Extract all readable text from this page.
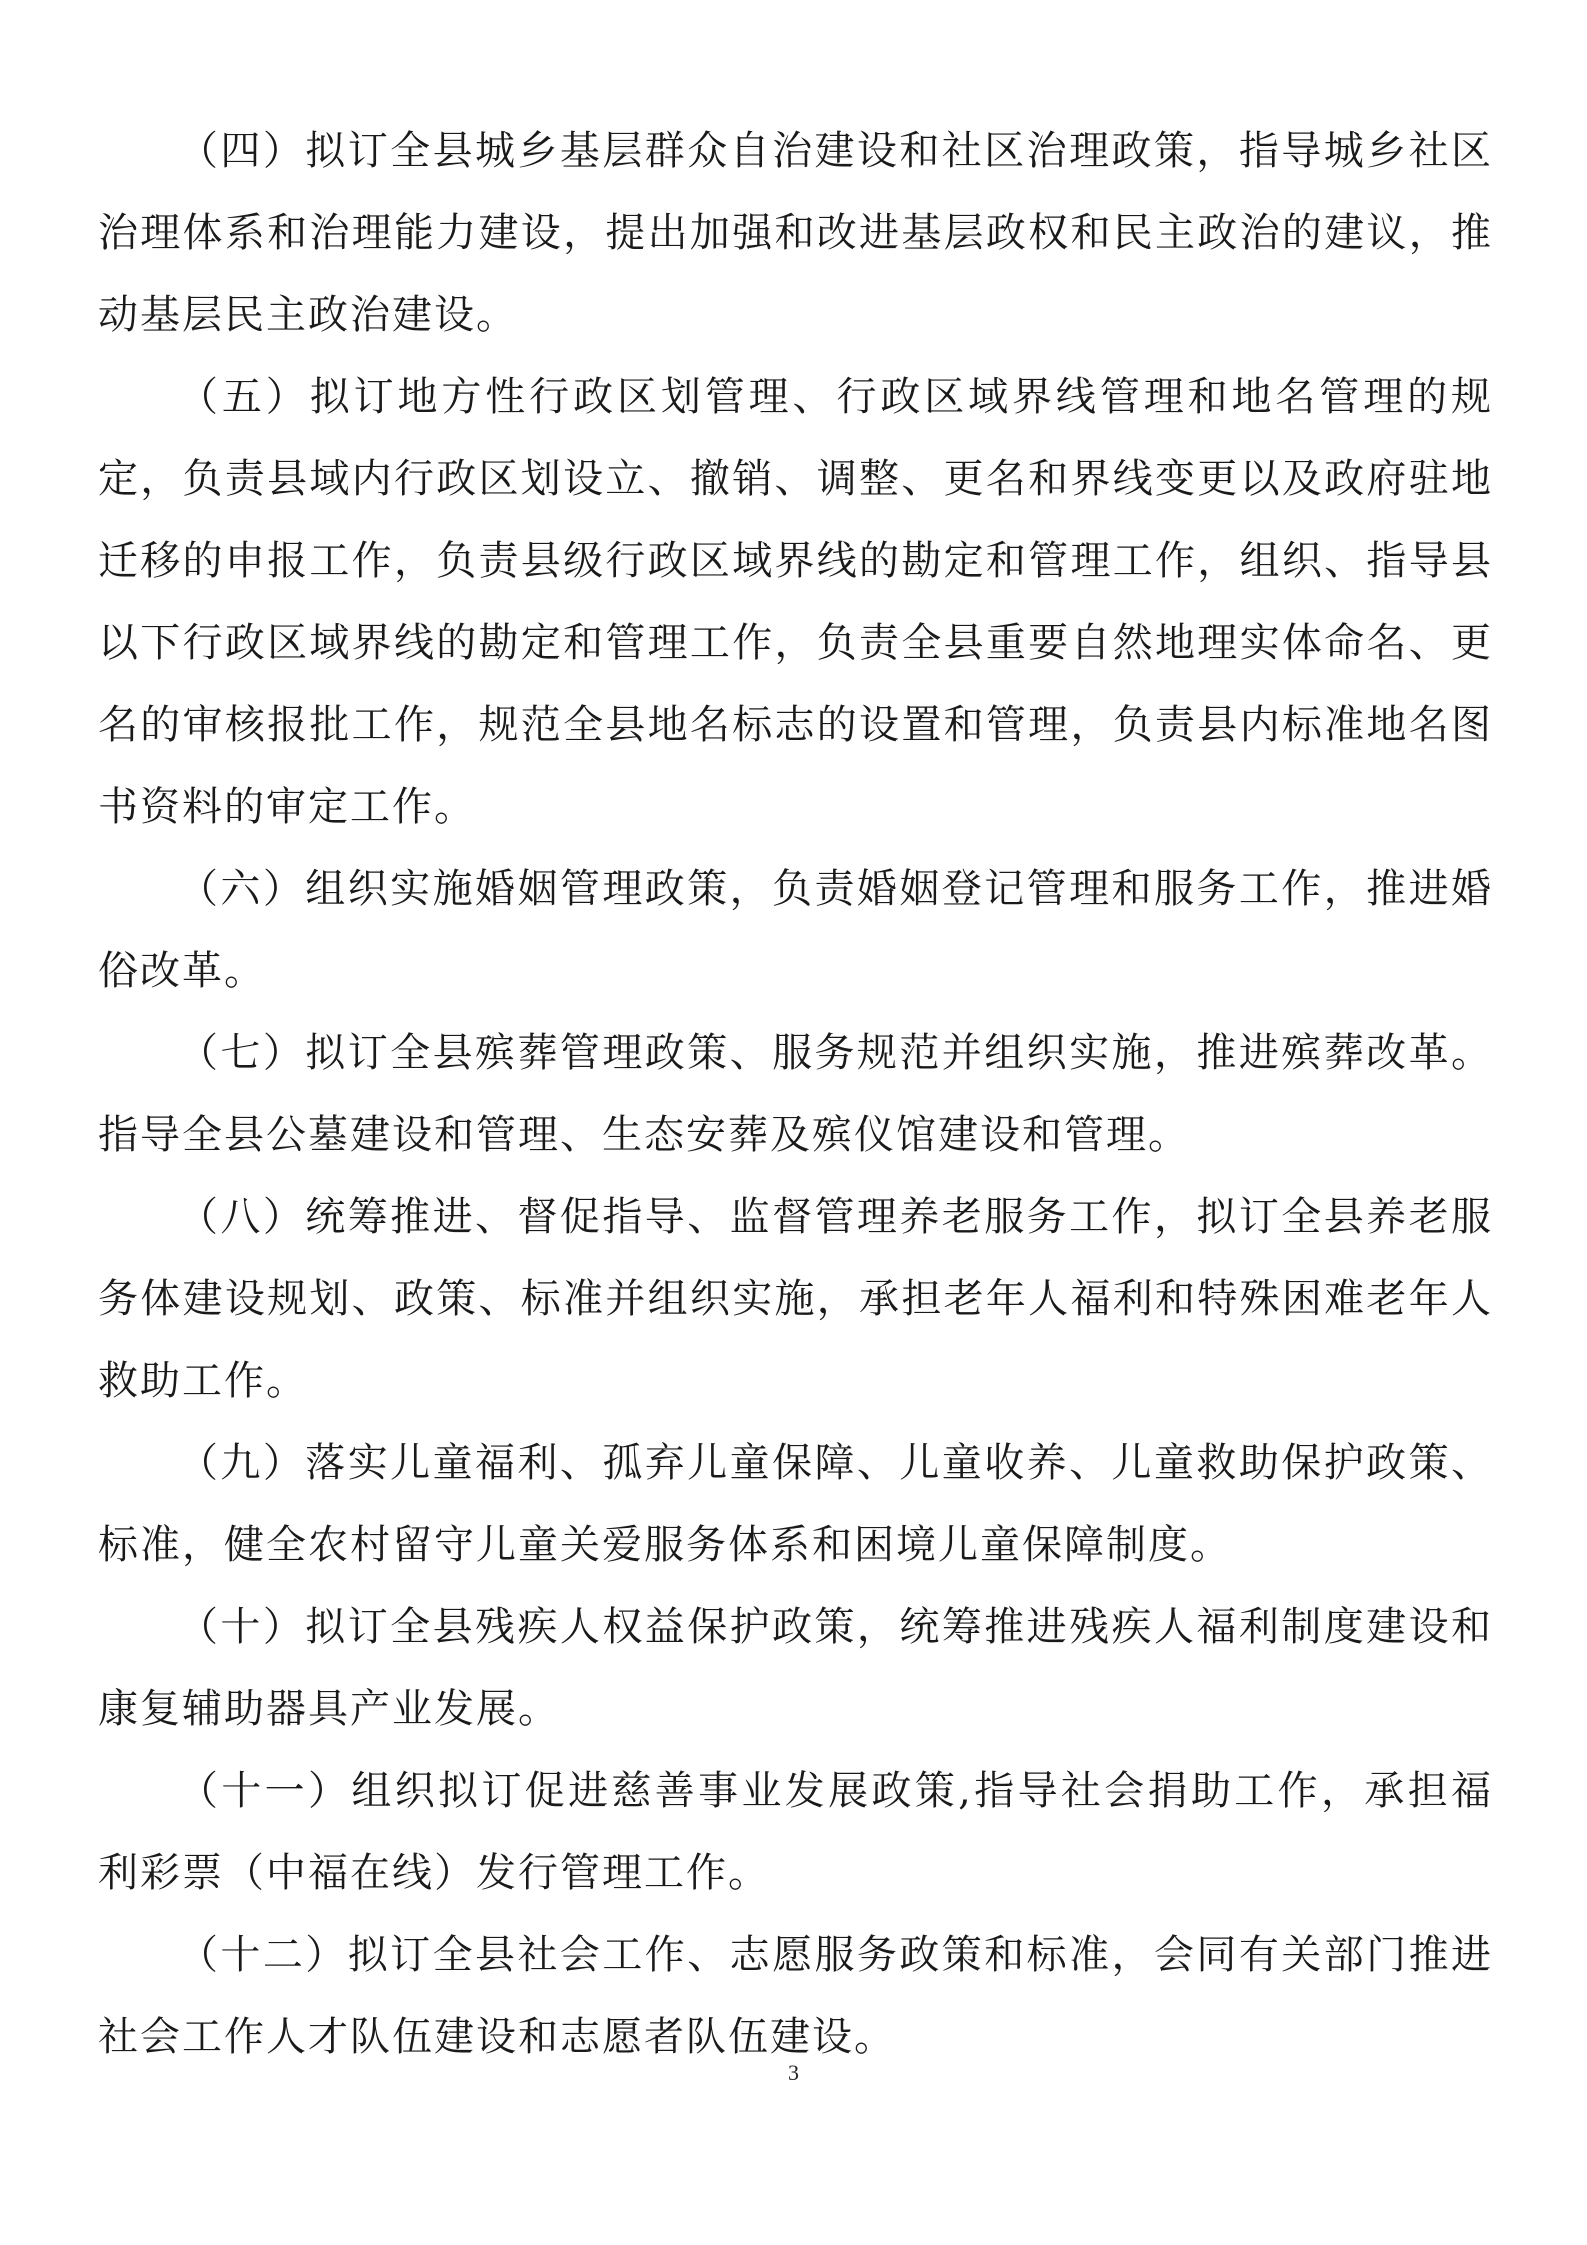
（四）拟订全县城乡基层群众自治建设和社区治理政策，指导城乡社区治理体系和治理能力建设，提出加强和改进基层政权和民主政治的建议，推动基层民主政治建设。

（五）拟订地方性行政区划管理、行政区域界线管理和地名管理的规定，负责县域内行政区划设立、撤销、调整、更名和界线变更以及政府驻地迁移的申报工作，负责县级行政区域界线的勘定和管理工作，组织、指导县以下行政区域界线的勘定和管理工作，负责全县重要自然地理实体命名、更名的审核报批工作，规范全县地名标志的设置和管理，负责县内标准地名图书资料的审定工作。

（六）组织实施婚姻管理政策，负责婚姻登记管理和服务工作，推进婚俗改革。

（七）拟订全县殡葬管理政策、服务规范并组织实施，推进殡葬改革。指导全县公墓建设和管理、生态安葬及殡仪馆建设和管理。

（八）统筹推进、督促指导、监督管理养老服务工作，拟订全县养老服务体建设规划、政策、标准并组织实施，承担老年人福利和特殊困难老年人救助工作。

（九）落实儿童福利、孤弃儿童保障、儿童收养、儿童救助保护政策、标准，健全农村留守儿童关爱服务体系和困境儿童保障制度。

（十）拟订全县残疾人权益保护政策，统筹推进残疾人福利制度建设和康复辅助器具产业发展。

（十一）组织拟订促进慈善事业发展政策,指导社会捐助工作，承担福利彩票（中福在线）发行管理工作。

（十二）拟订全县社会工作、志愿服务政策和标准，会同有关部门推进社会工作人才队伍建设和志愿者队伍建设。

3
